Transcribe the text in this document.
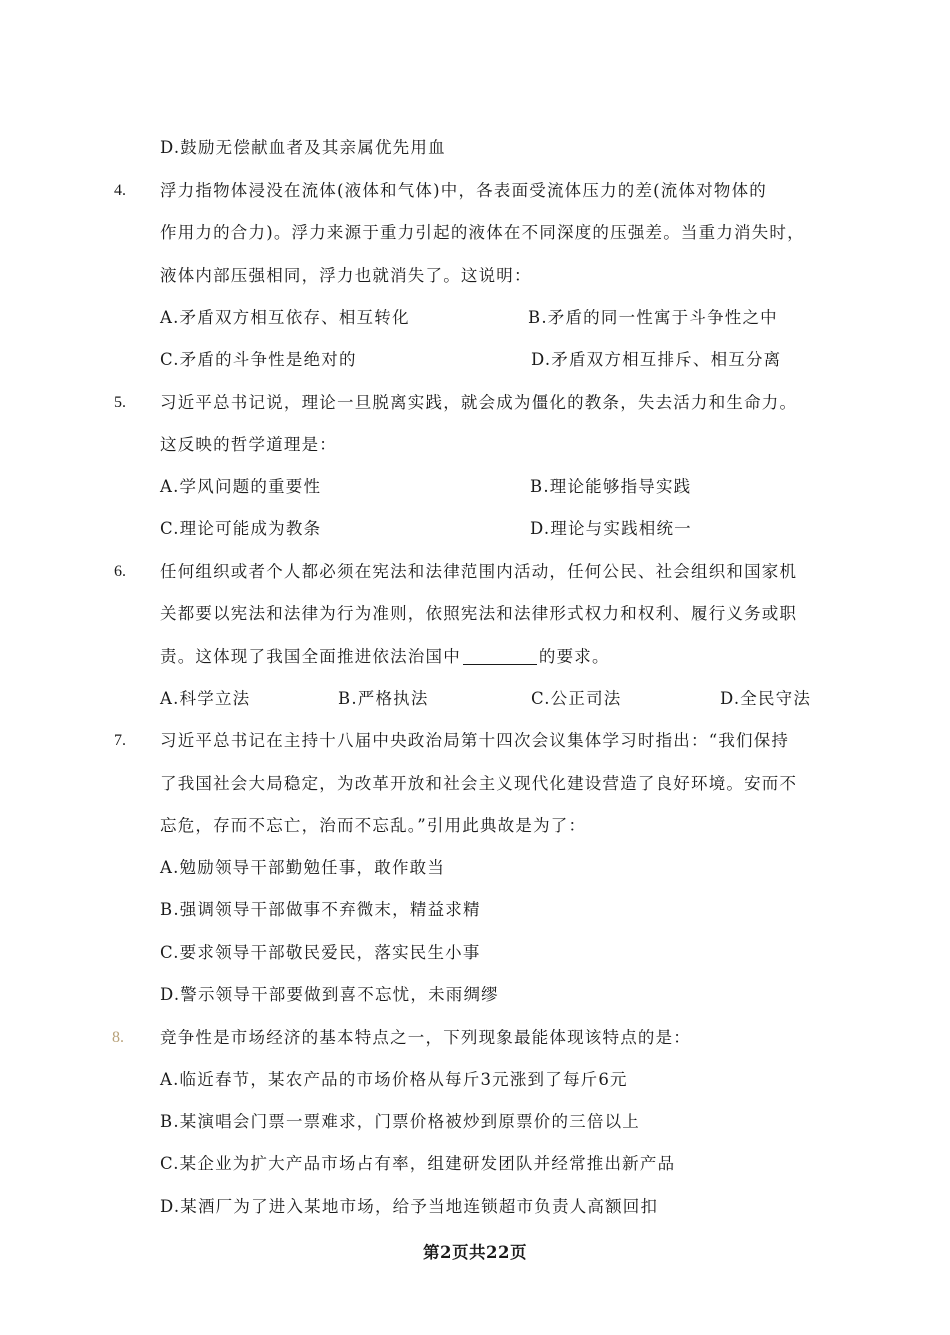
D.鼓励无偿献血者及其亲属优先用血
4. 浮力指物体浸没在流体(液体和气体)中，各表面受流体压力的差(流体对物体的
作用力的合力)。浮力来源于重力引起的液体在不同深度的压强差。当重力消失时，
液体内部压强相同，浮力也就消失了。这说明：
A.矛盾双方相互依存、相互转化	B.矛盾的同一性寓于斗争性之中
C.矛盾的斗争性是绝对的	D.矛盾双方相互排斥、相互分离
5. 习近平总书记说，理论一旦脱离实践，就会成为僵化的教条，失去活力和生命力。
这反映的哲学道理是：
A.学风问题的重要性	B.理论能够指导实践
C.理论可能成为教条	D.理论与实践相统一
6. 任何组织或者个人都必须在宪法和法律范围内活动，任何公民、社会组织和国家机
关都要以宪法和法律为行为准则，依照宪法和法律形式权力和权利、履行义务或职
责。这体现了我国全面推进依法治国中	的要求。
A.科学立法	B.严格执法	C.公正司法	D.全民守法
7. 习近平总书记在主持十八届中央政治局第十四次会议集体学习时指出：“我们保持
了我国社会大局稳定，为改革开放和社会主义现代化建设营造了良好环境。安而不
忘危，存而不忘亡，治而不忘乱。”引用此典故是为了：
A.勉励领导干部勤勉任事，敢作敢当
B.强调领导干部做事不弃微末，精益求精
C.要求领导干部敬民爱民，落实民生小事
D.警示领导干部要做到喜不忘忧，未雨绸缪
8. 竞争性是市场经济的基本特点之一，下列现象最能体现该特点的是：
A.临近春节，某农产品的市场价格从每斤3元涨到了每斤6元
B.某演唱会门票一票难求，门票价格被炒到原票价的三倍以上
C.某企业为扩大产品市场占有率，组建研发团队并经常推出新产品
D.某酒厂为了进入某地市场，给予当地连锁超市负责人高额回扣
第2页共22页
